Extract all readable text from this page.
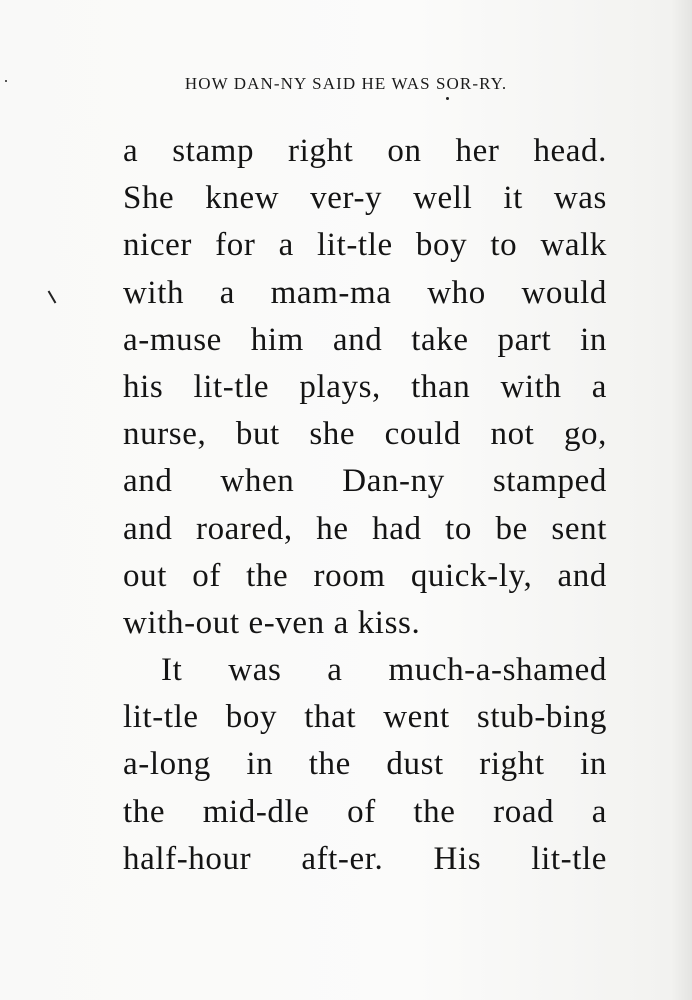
HOW DAN-NY SAID HE WAS SOR-RY.
a stamp right on her head.
She knew ver-y well it was
nicer for a lit-tle boy to walk
with a mam-ma who would
a-muse him and take part in
his lit-tle plays, than with a
nurse, but she could not go,
and when Dan-ny stamped
and roared, he had to be sent
out of the room quick-ly, and
with-out e-ven a kiss.
It was a much-a-shamed
lit-tle boy that went stub-bing
a-long in the dust right in
the mid-dle of the road a
half-hour aft-er. His lit-tle
